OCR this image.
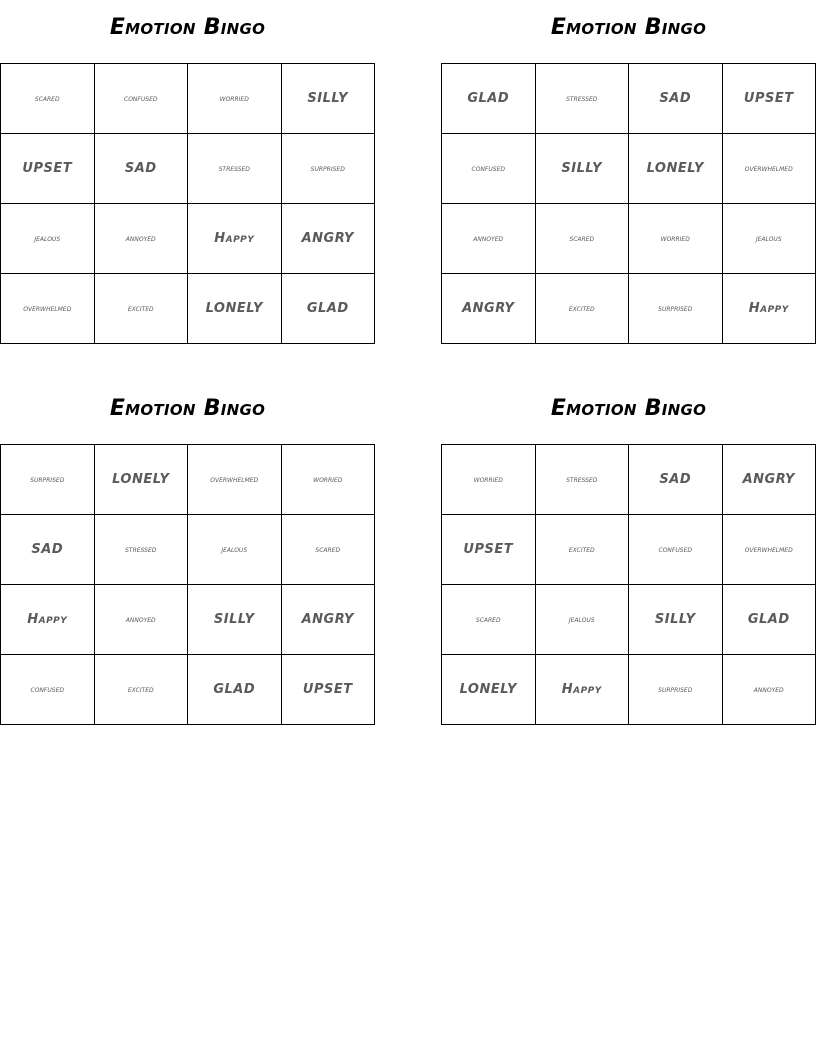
Emotion Bingo
scared	confused	worried	SILLY
UPSET	SAD	stressed	surprised
jealous	annoyed	Happy	ANGRY
overwhelmed	excited	LONELY	GLAD
Emotion Bingo
GLAD	stressed	SAD	UPSET
confused	SILLY	LONELY	overwhelmed
annoyed	scared	worried	jealous
ANGRY	excited	surprised	Happy
Emotion Bingo
surprised	LONELY	overwhelmed	worried
SAD	stressed	jealous	scared
Happy	annoyed	SILLY	ANGRY
confused	excited	GLAD	UPSET
Emotion Bingo
worried	stressed	SAD	ANGRY
UPSET	excited	confused	overwhelmed
scared	jealous	SILLY	GLAD
LONELY	Happy	surprised	annoyed
